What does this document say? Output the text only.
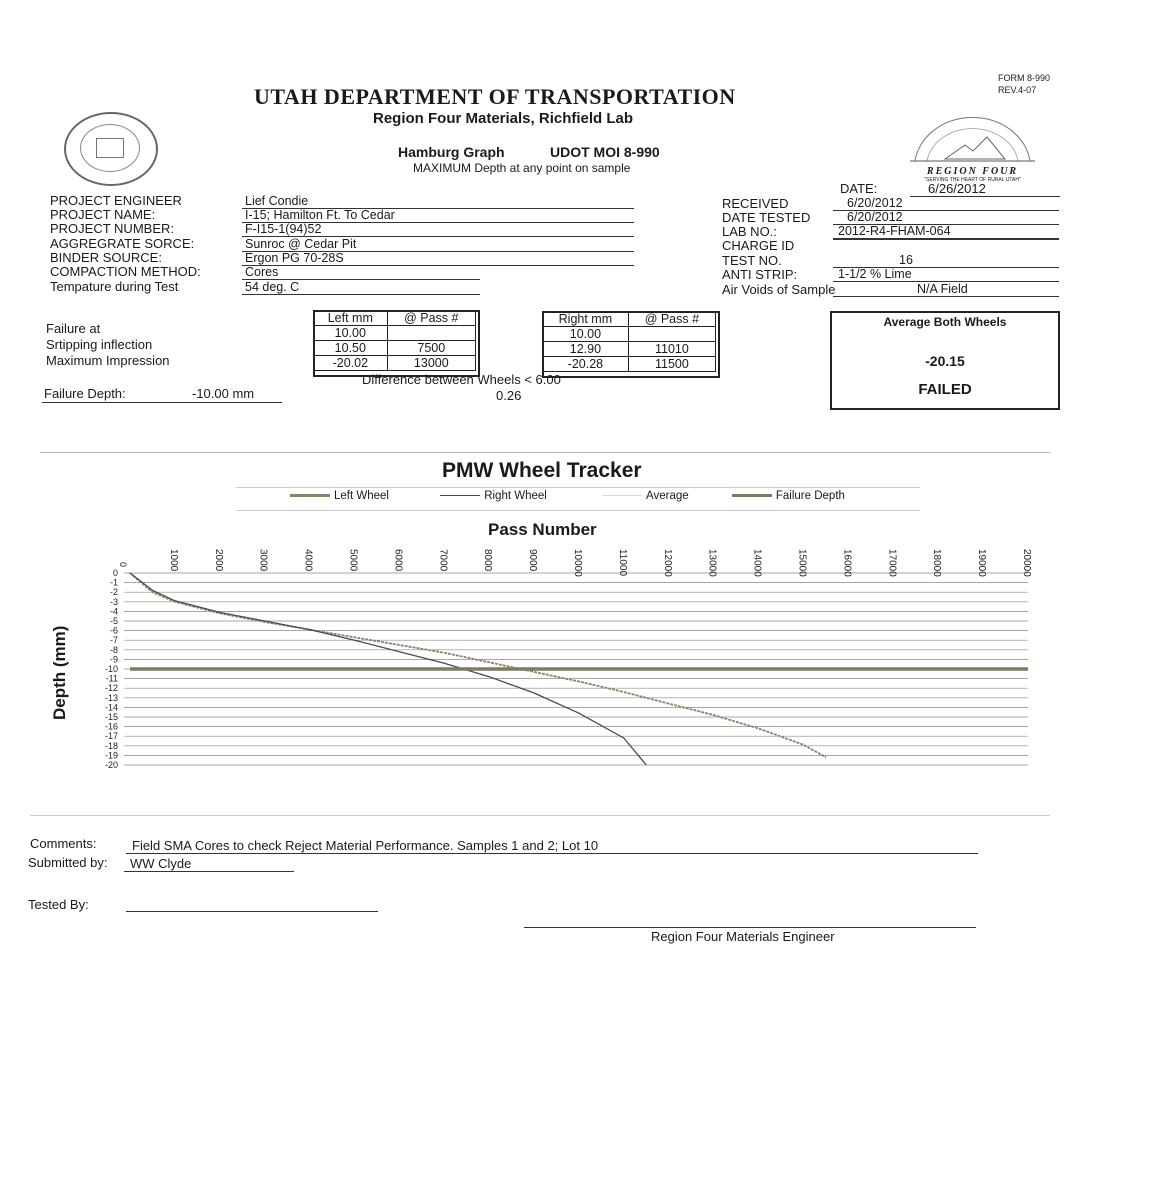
FORM 8-990
REV.4-07
UTAH DEPARTMENT OF TRANSPORTATION
Region Four Materials, Richfield Lab
Hamburg Graph	UDOT MOI 8-990
MAXIMUM Depth at any point on sample	REGION FOUR
"SERVING THE HEART OF RURAL UTAH"
PROJECT ENGINEER	Lief Condie
PROJECT NAME:	I-15; Hamilton Ft. To Cedar
PROJECT NUMBER:	F-I15-1(94)52
AGGREGRATE SORCE:	Sunroc @ Cedar Pit
BINDER SOURCE:	Ergon PG 70-28S
COMPACTION METHOD:	Cores
Tempature during Test	54 deg. C
DATE:	6/26/2012
RECEIVED	6/20/2012
DATE TESTED	6/20/2012
LAB NO.:	2012-R4-FHAM-064
CHARGE ID
TEST NO.	16
ANTI STRIP:	1-1/2 % Lime
Air Voids of Sample	N/A Field
Failure at
Srtipping inflection
Maximum Impression
Left mm	@ Pass #
10.00	
10.50	7500
-20.02	13000
Right mm	@ Pass #
10.00	
12.90	11010
-20.28	11500
Difference between Wheels < 6.00
0.26
Failure Depth:	-10.00 mm
Average Both Wheels
-20.15
FAILED
PMW Wheel Tracker
Left Wheel	Right Wheel	Average	Failure Depth
Pass Number
Depth (mm)
0
-1
-2
-3
-4
-5
-6
-7
-8
-9
-10
-11
-12
-13
-14
-15
-16
-17
-18
-19
-20
1000	2000	3000	4000	5000	6000	7000	8000	9000	10000	11000	12000	13000	14000	15000	16000	17000	18000	19000	20000
0
Comments:	Field SMA Cores to check Reject Material Performance. Samples 1 and 2; Lot 10
Submitted by:	WW Clyde
Tested By:
Region Four Materials Engineer
